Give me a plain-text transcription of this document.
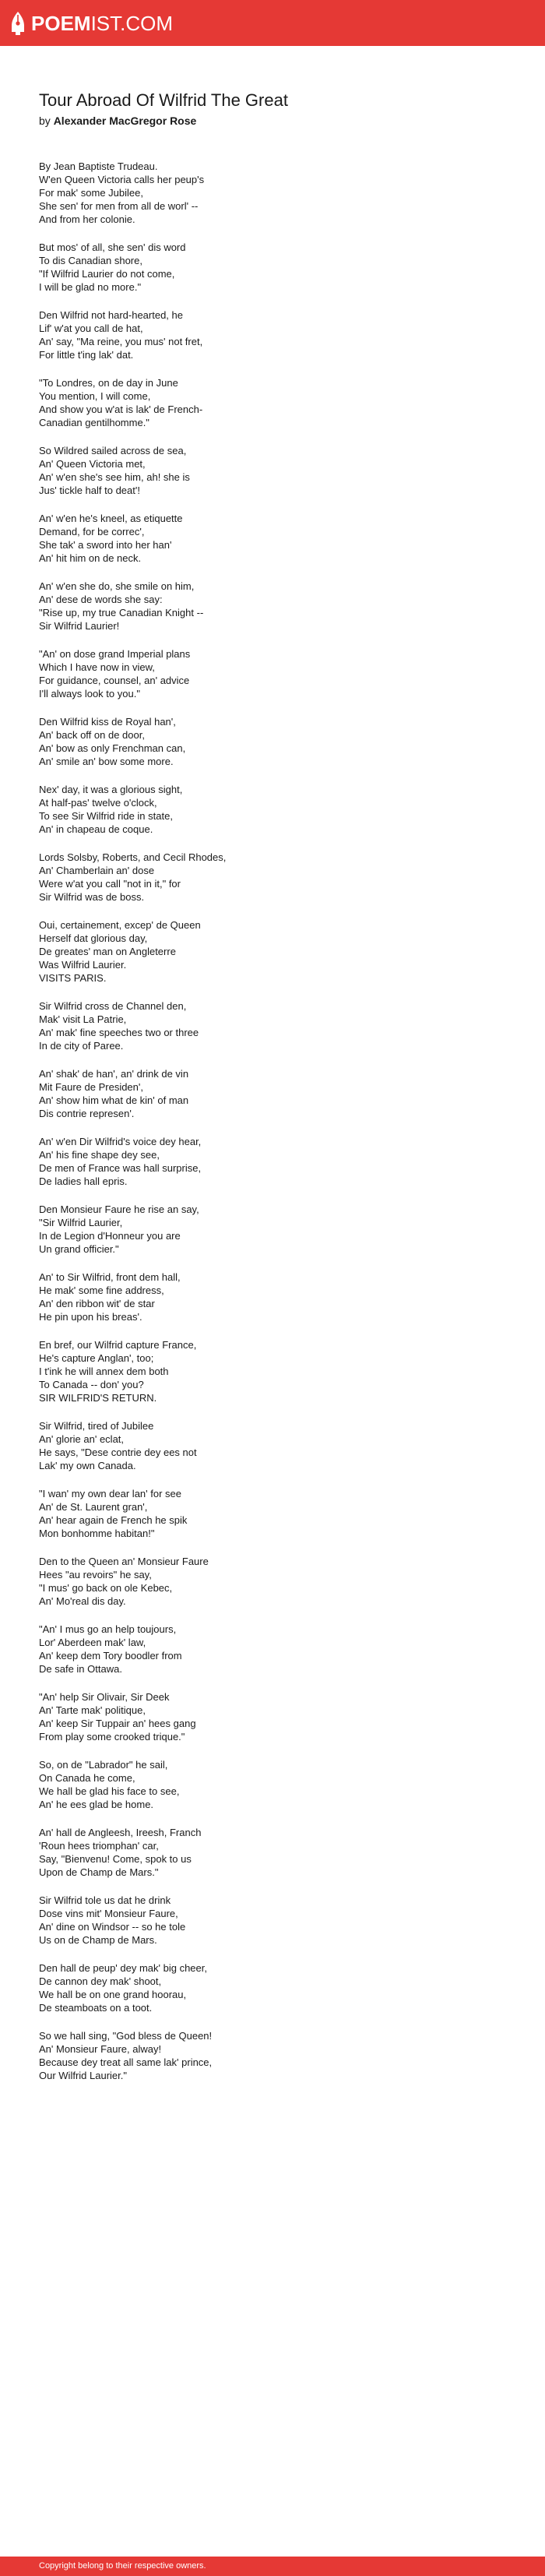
POEMIST.COM
Tour Abroad Of Wilfrid The Great
by Alexander MacGregor Rose

By Jean Baptiste Trudeau.
W'en Queen Victoria calls her peup's
For mak' some Jubilee,
She sen' for men from all de worl' --
And from her colonie.

But mos' of all, she sen' dis word
To dis Canadian shore,
"If Wilfrid Laurier do not come,
I will be glad no more."

Den Wilfrid not hard-hearted, he
Lif' w'at you call de hat,
An' say, "Ma reine, you mus' not fret,
For little t'ing lak' dat.

"To Londres, on de day in June
You mention, I will come,
And show you w'at is lak' de French-
Canadian gentilhomme."

So Wildred sailed across de sea,
An' Queen Victoria met,
An' w'en she's see him, ah! she is
Jus' tickle half to deat'!

An' w'en he's kneel, as etiquette
Demand, for be correc',
She tak' a sword into her han'
An' hit him on de neck.

An' w'en she do, she smile on him,
An' dese de words she say:
"Rise up, my true Canadian Knight --
Sir Wilfrid Laurier!

"An' on dose grand Imperial plans
Which I have now in view,
For guidance, counsel, an' advice
I'll always look to you."

Den Wilfrid kiss de Royal han',
An' back off on de door,
An' bow as only Frenchman can,
An' smile an' bow some more.

Nex' day, it was a glorious sight,
At half-pas' twelve o'clock,
To see Sir Wilfrid ride in state,
An' in chapeau de coque.

Lords Solsby, Roberts, and Cecil Rhodes,
An' Chamberlain an' dose
Were w'at you call "not in it," for
Sir Wilfrid was de boss.

Oui, certainement, excep' de Queen
Herself dat glorious day,
De greates' man on Angleterre
Was Wilfrid Laurier.
VISITS PARIS.

Sir Wilfrid cross de Channel den,
Mak' visit La Patrie,
An' mak' fine speeches two or three
In de city of Paree.

An' shak' de han', an' drink de vin
Mit Faure de Presiden',
An' show him what de kin' of man
Dis contrie represen'.

An' w'en Dir Wilfrid's voice dey hear,
An' his fine shape dey see,
De men of France was hall surprise,
De ladies hall epris.

Den Monsieur Faure he rise an say,
"Sir Wilfrid Laurier,
In de Legion d'Honneur you are
Un grand officier."

An' to Sir Wilfrid, front dem hall,
He mak' some fine address,
An' den ribbon wit' de star
He pin upon his breas'.

En bref, our Wilfrid capture France,
He's capture Anglan', too;
I t'ink he will annex dem both
To Canada -- don' you?
SIR WILFRID'S RETURN.

Sir Wilfrid, tired of Jubilee
An' glorie an' eclat,
He says, "Dese contrie dey ees not
Lak' my own Canada.

"I wan' my own dear lan' for see
An' de St. Laurent gran',
An' hear again de French he spik
Mon bonhomme habitan!"

Den to the Queen an' Monsieur Faure
Hees "au revoirs" he say,
"I mus' go back on ole Kebec,
An' Mo'real dis day.

"An' I mus go an help toujours,
Lor' Aberdeen mak' law,
An' keep dem Tory boodler from
De safe in Ottawa.

"An' help Sir Olivair, Sir Deek
An' Tarte mak' politique,
An' keep Sir Tuppair an' hees gang
From play some crooked trique."

So, on de "Labrador" he sail,
On Canada he come,
We hall be glad his face to see,
An' he ees glad be home.

An' hall de Angleesh, Ireesh, Franch
'Roun hees triomphan' car,
Say, "Bienvenu! Come, spok to us
Upon de Champ de Mars."

Sir Wilfrid tole us dat he drink
Dose vins mit' Monsieur Faure,
An' dine on Windsor -- so he tole
Us on de Champ de Mars.

Den hall de peup' dey mak' big cheer,
De cannon dey mak' shoot,
We hall be on one grand hoorau,
De steamboats on a toot.

So we hall sing, "God bless de Queen!
An' Monsieur Faure, alway!
Because dey treat all same lak' prince,
Our Wilfrid Laurier."

Copyright belong to their respective owners.
